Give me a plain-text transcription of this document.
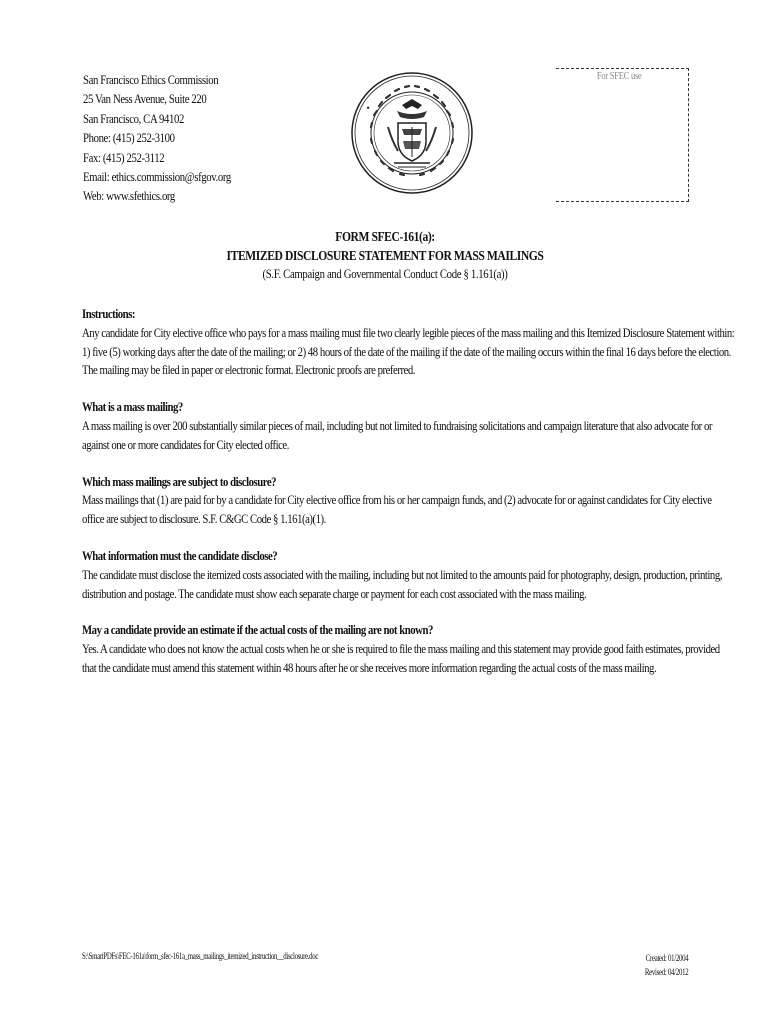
San Francisco Ethics Commission
25 Van Ness Avenue, Suite 220
San Francisco, CA 94102
Phone: (415) 252-3100
Fax: (415) 252-3112
Email: ethics.commission@sfgov.org
Web: www.sfethics.org
•
For SFEC use
FORM SFEC-161(a):
ITEMIZED DISCLOSURE STATEMENT FOR MASS MAILINGS
(S.F. Campaign and Governmental Conduct Code § 1.161(a))
Instructions:
Any candidate for City elective office who pays for a mass mailing must file two clearly legible pieces of the mass mailing and this Itemized Disclosure Statement within:
1) five (5) working days after the date of the mailing; or 2) 48 hours of the date of the mailing if the date of the mailing occurs within the final 16 days before the election.
The mailing may be filed in paper or electronic format. Electronic proofs are preferred.
What is a mass mailing?
A mass mailing is over 200 substantially similar pieces of mail, including but not limited to fundraising solicitations and campaign literature that also advocate for or
against one or more candidates for City elected office.
Which mass mailings are subject to disclosure?
Mass mailings that (1) are paid for by a candidate for City elective office from his or her campaign funds, and (2) advocate for or against candidates for City elective
office are subject to disclosure. S.F. C&GC Code § 1.161(a)(1).
What information must the candidate disclose?
The candidate must disclose the itemized costs associated with the mailing, including but not limited to the amounts paid for photography, design, production, printing,
distribution and postage. The candidate must show each separate charge or payment for each cost associated with the mass mailing.
May a candidate provide an estimate if the actual costs of the mailing are not known?
Yes. A candidate who does not know the actual costs when he or she is required to file the mass mailing and this statement may provide good faith estimates, provided
that the candidate must amend this statement within 48 hours after he or she receives more information regarding the actual costs of the mass mailing.
S:\SmartPDFs\FEC-161a\form_sfec-161a_mass_mailings_itemized_instruction__disclosure.doc	Created: 01/2004
Revised: 04/2012
